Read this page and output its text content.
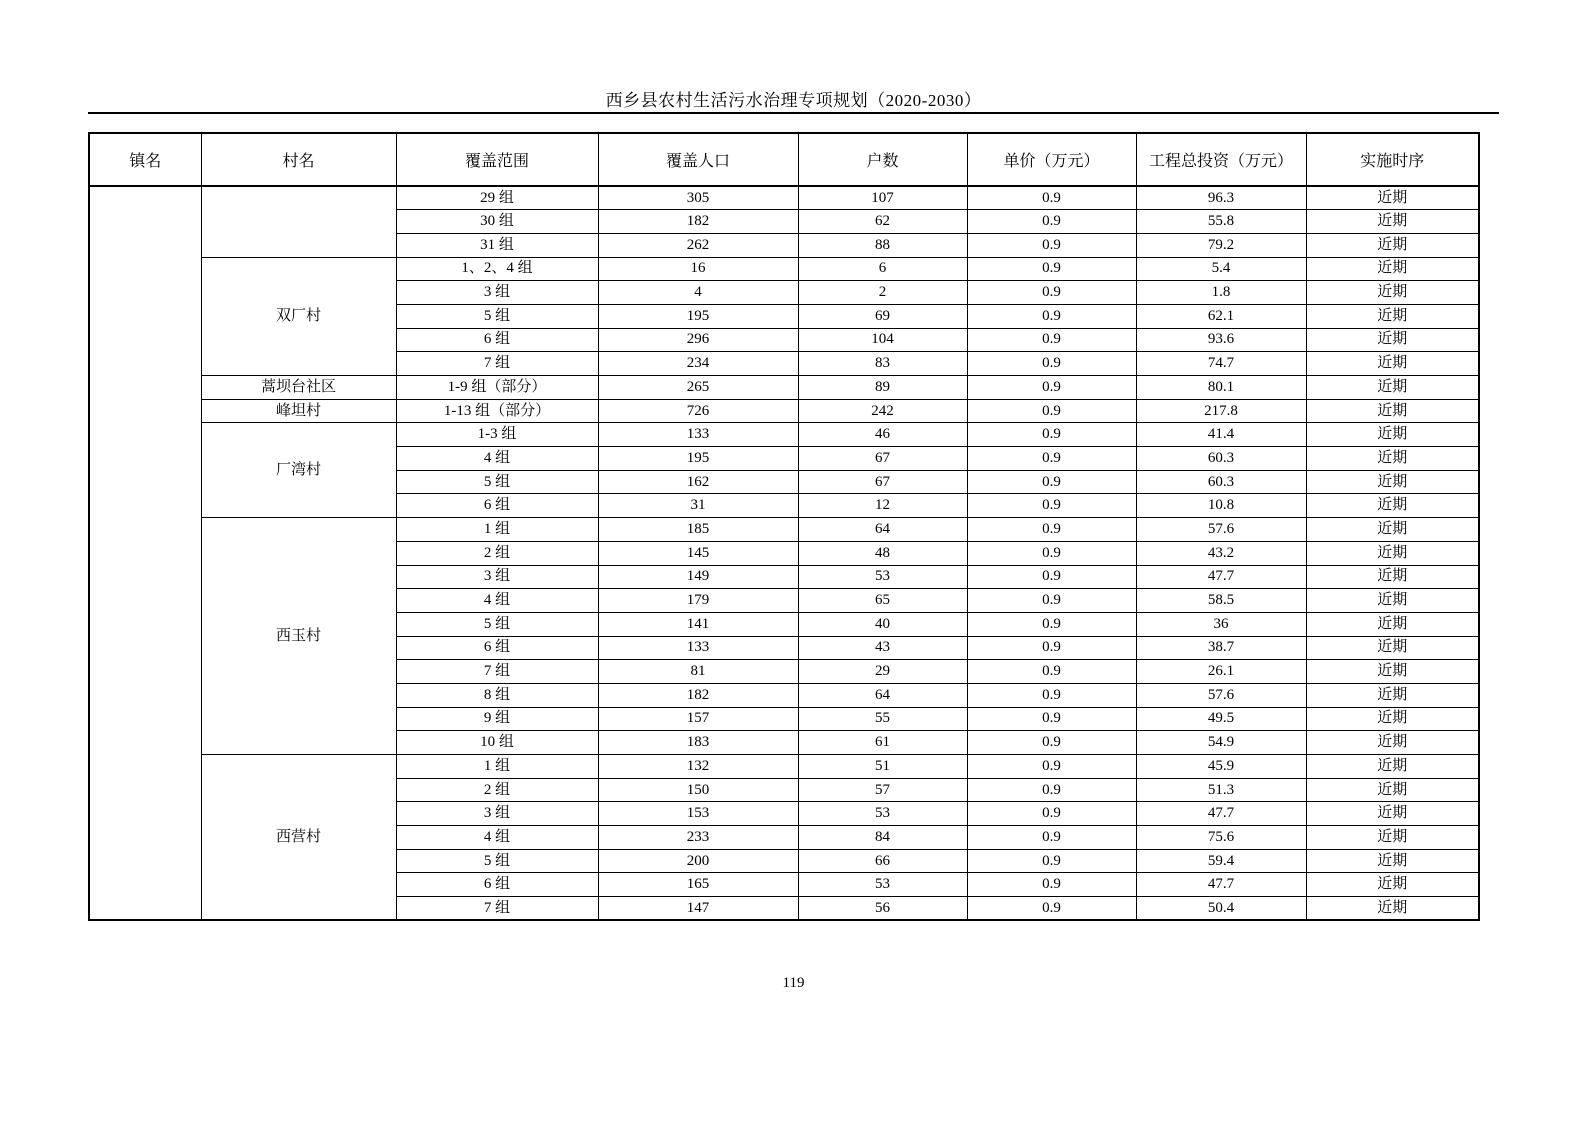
西乡县农村生活污水治理专项规划（2020-2030）
镇名	村名	覆盖范围	覆盖人口	户数	单价（万元）	工程总投资（万元）	实施时序
		29 组	305	107	0.9	96.3	近期
		30 组	182	62	0.9	55.8	近期
		31 组	262	88	0.9	79.2	近期
	双厂村	1、2、4 组	16	6	0.9	5.4	近期
		3 组	4	2	0.9	1.8	近期
		5 组	195	69	0.9	62.1	近期
		6 组	296	104	0.9	93.6	近期
		7 组	234	83	0.9	74.7	近期
	蒿坝台社区	1-9 组（部分）	265	89	0.9	80.1	近期
	峰坦村	1-13 组（部分）	726	242	0.9	217.8	近期
	厂湾村	1-3 组	133	46	0.9	41.4	近期
		4 组	195	67	0.9	60.3	近期
		5 组	162	67	0.9	60.3	近期
		6 组	31	12	0.9	10.8	近期
	西玉村	1 组	185	64	0.9	57.6	近期
		2 组	145	48	0.9	43.2	近期
		3 组	149	53	0.9	47.7	近期
		4 组	179	65	0.9	58.5	近期
		5 组	141	40	0.9	36	近期
		6 组	133	43	0.9	38.7	近期
		7 组	81	29	0.9	26.1	近期
		8 组	182	64	0.9	57.6	近期
		9 组	157	55	0.9	49.5	近期
		10 组	183	61	0.9	54.9	近期
	西营村	1 组	132	51	0.9	45.9	近期
		2 组	150	57	0.9	51.3	近期
		3 组	153	53	0.9	47.7	近期
		4 组	233	84	0.9	75.6	近期
		5 组	200	66	0.9	59.4	近期
		6 组	165	53	0.9	47.7	近期
		7 组	147	56	0.9	50.4	近期
119
